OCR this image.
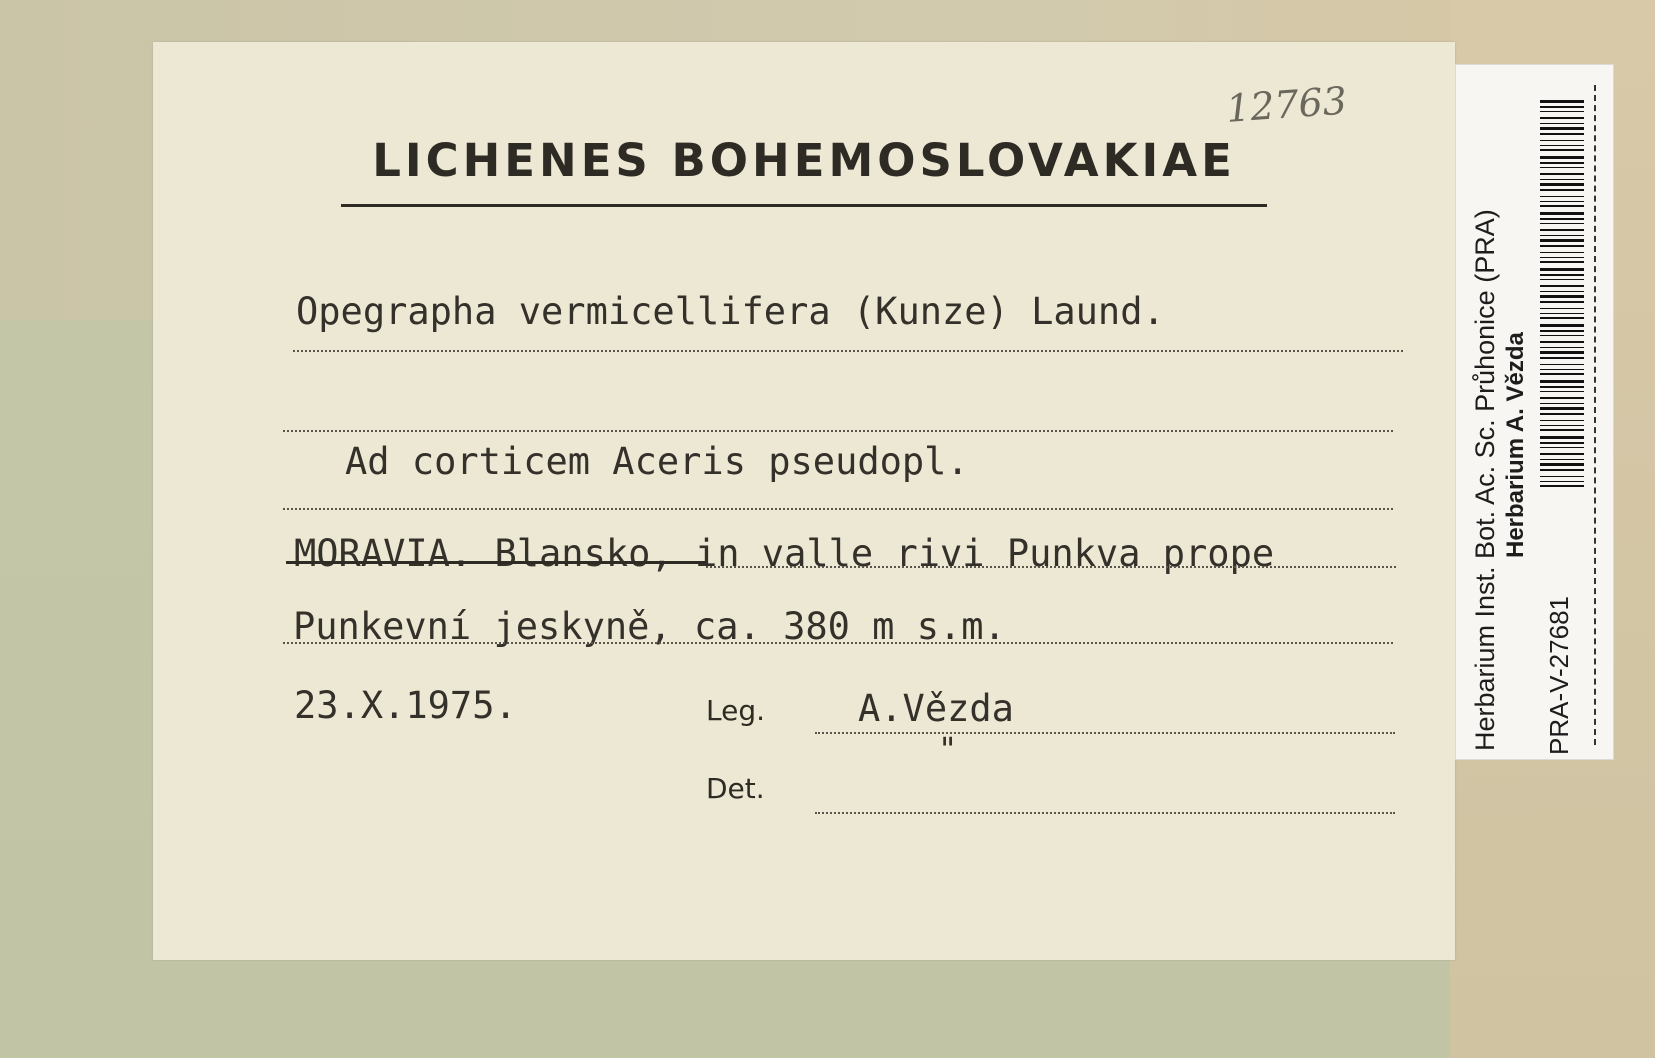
12763
LICHENES BOHEMOSLOVAKIAE
Opegrapha vermicellifera (Kunze) Laund.
Ad corticem Aceris pseudopl.
MORAVIA. Blansko, in valle rivi Punkva prope
Punkevní jeskyně, ca. 380 m s.m.
23.X.1975.	Leg.	A.Vězda
"
Det.
Herbarium Inst. Bot. Ac. Sc. Průhonice (PRA) Herbarium A. Vězda
PRA-V-27681
